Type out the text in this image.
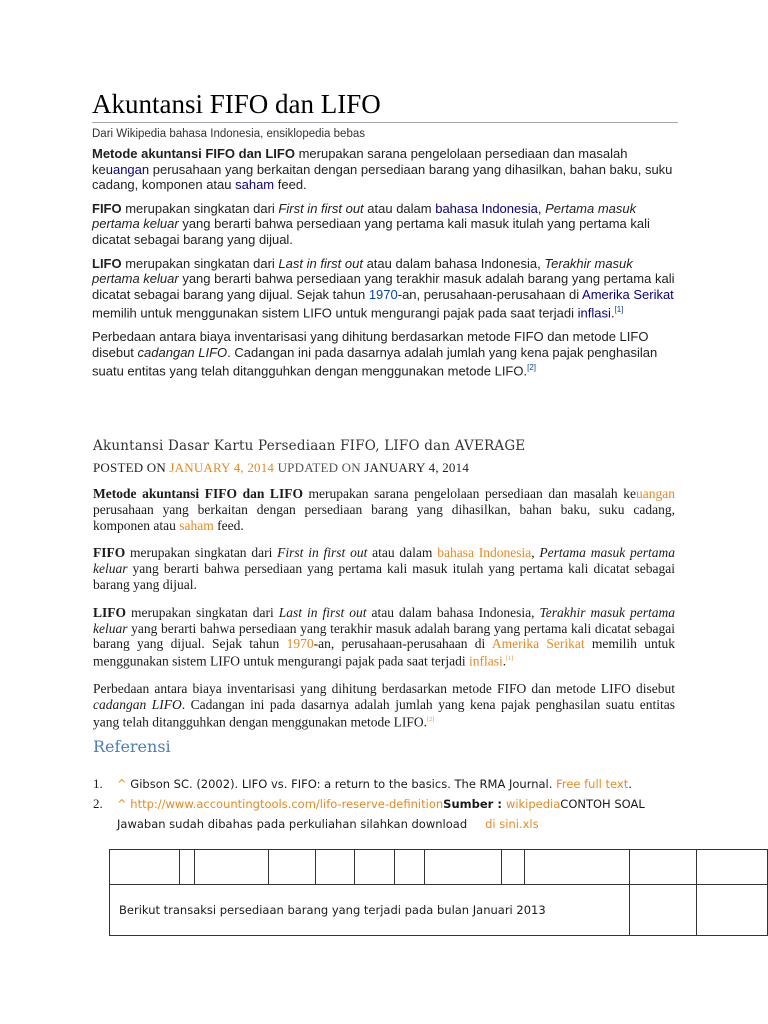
Akuntansi FIFO dan LIFO
Dari Wikipedia bahasa Indonesia, ensiklopedia bebas

Metode akuntansi FIFO dan LIFO merupakan sarana pengelolaan persediaan dan masalah keuangan perusahaan yang berkaitan dengan persediaan barang yang dihasilkan, bahan baku, suku cadang, komponen atau saham feed.

FIFO merupakan singkatan dari First in first out atau dalam bahasa Indonesia, Pertama masuk pertama keluar yang berarti bahwa persediaan yang pertama kali masuk itulah yang pertama kali dicatat sebagai barang yang dijual.

LIFO merupakan singkatan dari Last in first out atau dalam bahasa Indonesia, Terakhir masuk pertama keluar yang berarti bahwa persediaan yang terakhir masuk adalah barang yang pertama kali dicatat sebagai barang yang dijual. Sejak tahun 1970-an, perusahaan-perusahaan di Amerika Serikat memilih untuk menggunakan sistem LIFO untuk mengurangi pajak pada saat terjadi inflasi.[1]

Perbedaan antara biaya inventarisasi yang dihitung berdasarkan metode FIFO dan metode LIFO disebut cadangan LIFO. Cadangan ini pada dasarnya adalah jumlah yang kena pajak penghasilan suatu entitas yang telah ditangguhkan dengan menggunakan metode LIFO.[2]

Akuntansi Dasar Kartu Persediaan FIFO, LIFO dan AVERAGE
POSTED ON JANUARY 4, 2014 UPDATED ON JANUARY 4, 2014

Metode akuntansi FIFO dan LIFO merupakan sarana pengelolaan persediaan dan masalah keuangan perusahaan yang berkaitan dengan persediaan barang yang dihasilkan, bahan baku, suku cadang, komponen atau saham feed.

FIFO merupakan singkatan dari First in first out atau dalam bahasa Indonesia, Pertama masuk pertama keluar yang berarti bahwa persediaan yang pertama kali masuk itulah yang pertama kali dicatat sebagai barang yang dijual.

LIFO merupakan singkatan dari Last in first out atau dalam bahasa Indonesia, Terakhir masuk pertama keluar yang berarti bahwa persediaan yang terakhir masuk adalah barang yang pertama kali dicatat sebagai barang yang dijual. Sejak tahun 1970-an, perusahaan-perusahaan di Amerika Serikat memilih untuk menggunakan sistem LIFO untuk mengurangi pajak pada saat terjadi inflasi.[1]

Perbedaan antara biaya inventarisasi yang dihitung berdasarkan metode FIFO dan metode LIFO disebut cadangan LIFO. Cadangan ini pada dasarnya adalah jumlah yang kena pajak penghasilan suatu entitas yang telah ditangguhkan dengan menggunakan metode LIFO.[2]

Referensi
1. ^ Gibson SC. (2002). LIFO vs. FIFO: a return to the basics. The RMA Journal. Free full text.
2. ^ http://www.accountingtools.com/lifo-reserve-definitionSumber : wikipediaCONTOH SOAL
Jawaban sudah dibahas pada perkuliahan silahkan download di sini.xls

Berikut transaksi persediaan barang yang terjadi pada bulan Januari 2013											
